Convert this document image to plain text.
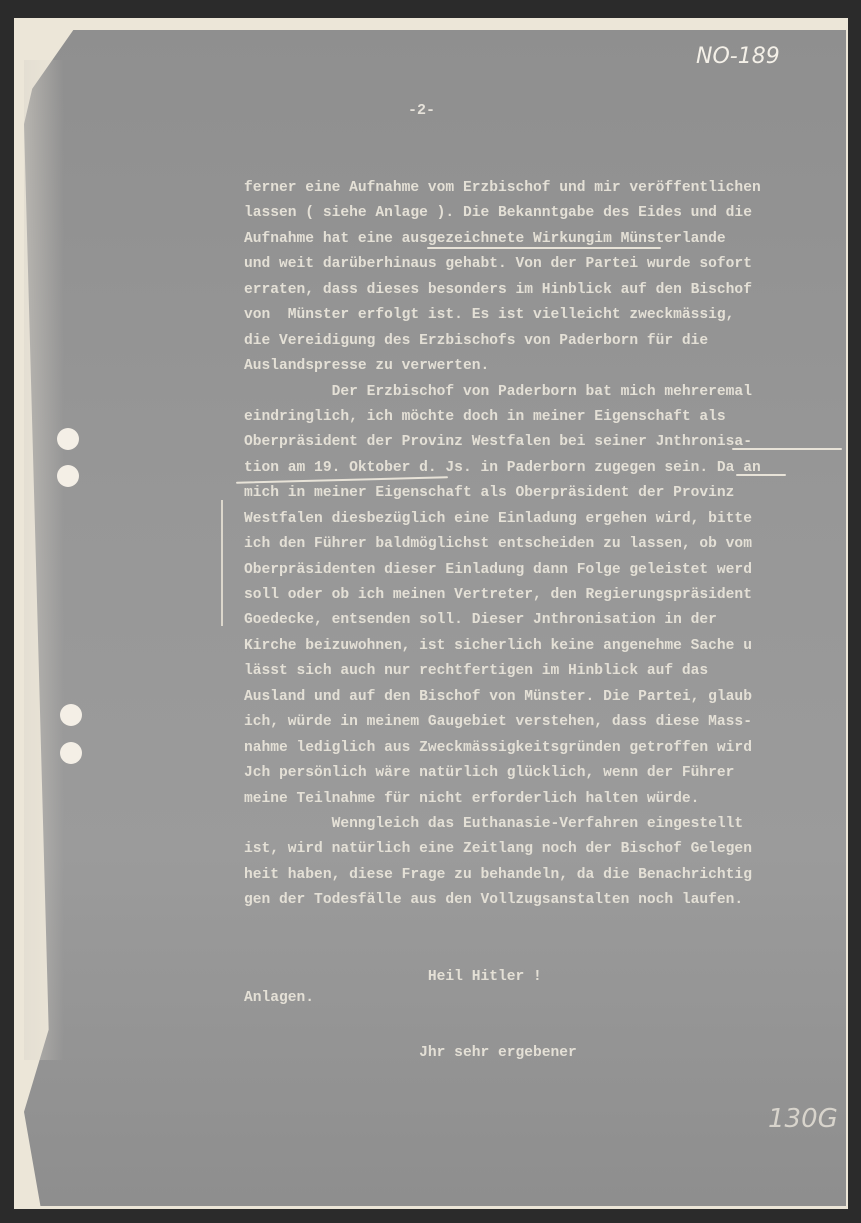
NO-189
130G
-2-
ferner eine Aufnahme vom Erzbischof und mir veröffentlichen
lassen ( siehe Anlage ). Die Bekanntgabe des Eides und die
Aufnahme hat eine ausgezeichnete Wirkungim Münsterlande
und weit darüberhinaus gehabt. Von der Partei wurde sofort
erraten, dass dieses besonders im Hinblick auf den Bischof
von  Münster erfolgt ist. Es ist vielleicht zweckmässig,
die Vereidigung des Erzbischofs von Paderborn für die
Auslandspresse zu verwerten.
Der Erzbischof von Paderborn bat mich mehreremal
eindringlich, ich möchte doch in meiner Eigenschaft als
Oberpräsident der Provinz Westfalen bei seiner Jnthronisa-
tion am 19. Oktober d. Js. in Paderborn zugegen sein. Da an
mich in meiner Eigenschaft als Oberpräsident der Provinz
Westfalen diesbezüglich eine Einladung ergehen wird, bitte
ich den Führer baldmöglichst entscheiden zu lassen, ob vom
Oberpräsidenten dieser Einladung dann Folge geleistet werd
soll oder ob ich meinen Vertreter, den Regierungspräsident
Goedecke, entsenden soll. Dieser Jnthronisation in der
Kirche beizuwohnen, ist sicherlich keine angenehme Sache u
lässt sich auch nur rechtfertigen im Hinblick auf das
Ausland und auf den Bischof von Münster. Die Partei, glaub
ich, würde in meinem Gaugebiet verstehen, dass diese Mass-
nahme lediglich aus Zweckmässigkeitsgründen getroffen wird
Jch persönlich wäre natürlich glücklich, wenn der Führer
meine Teilnahme für nicht erforderlich halten würde.
Wenngleich das Euthanasie-Verfahren eingestellt
ist, wird natürlich eine Zeitlang noch der Bischof Gelegen
heit haben, diese Frage zu behandeln, da die Benachrichtig
gen der Todesfälle aus den Vollzugsanstalten noch laufen.

Heil Hitler !

Jhr sehr ergebener

Anlagen.
